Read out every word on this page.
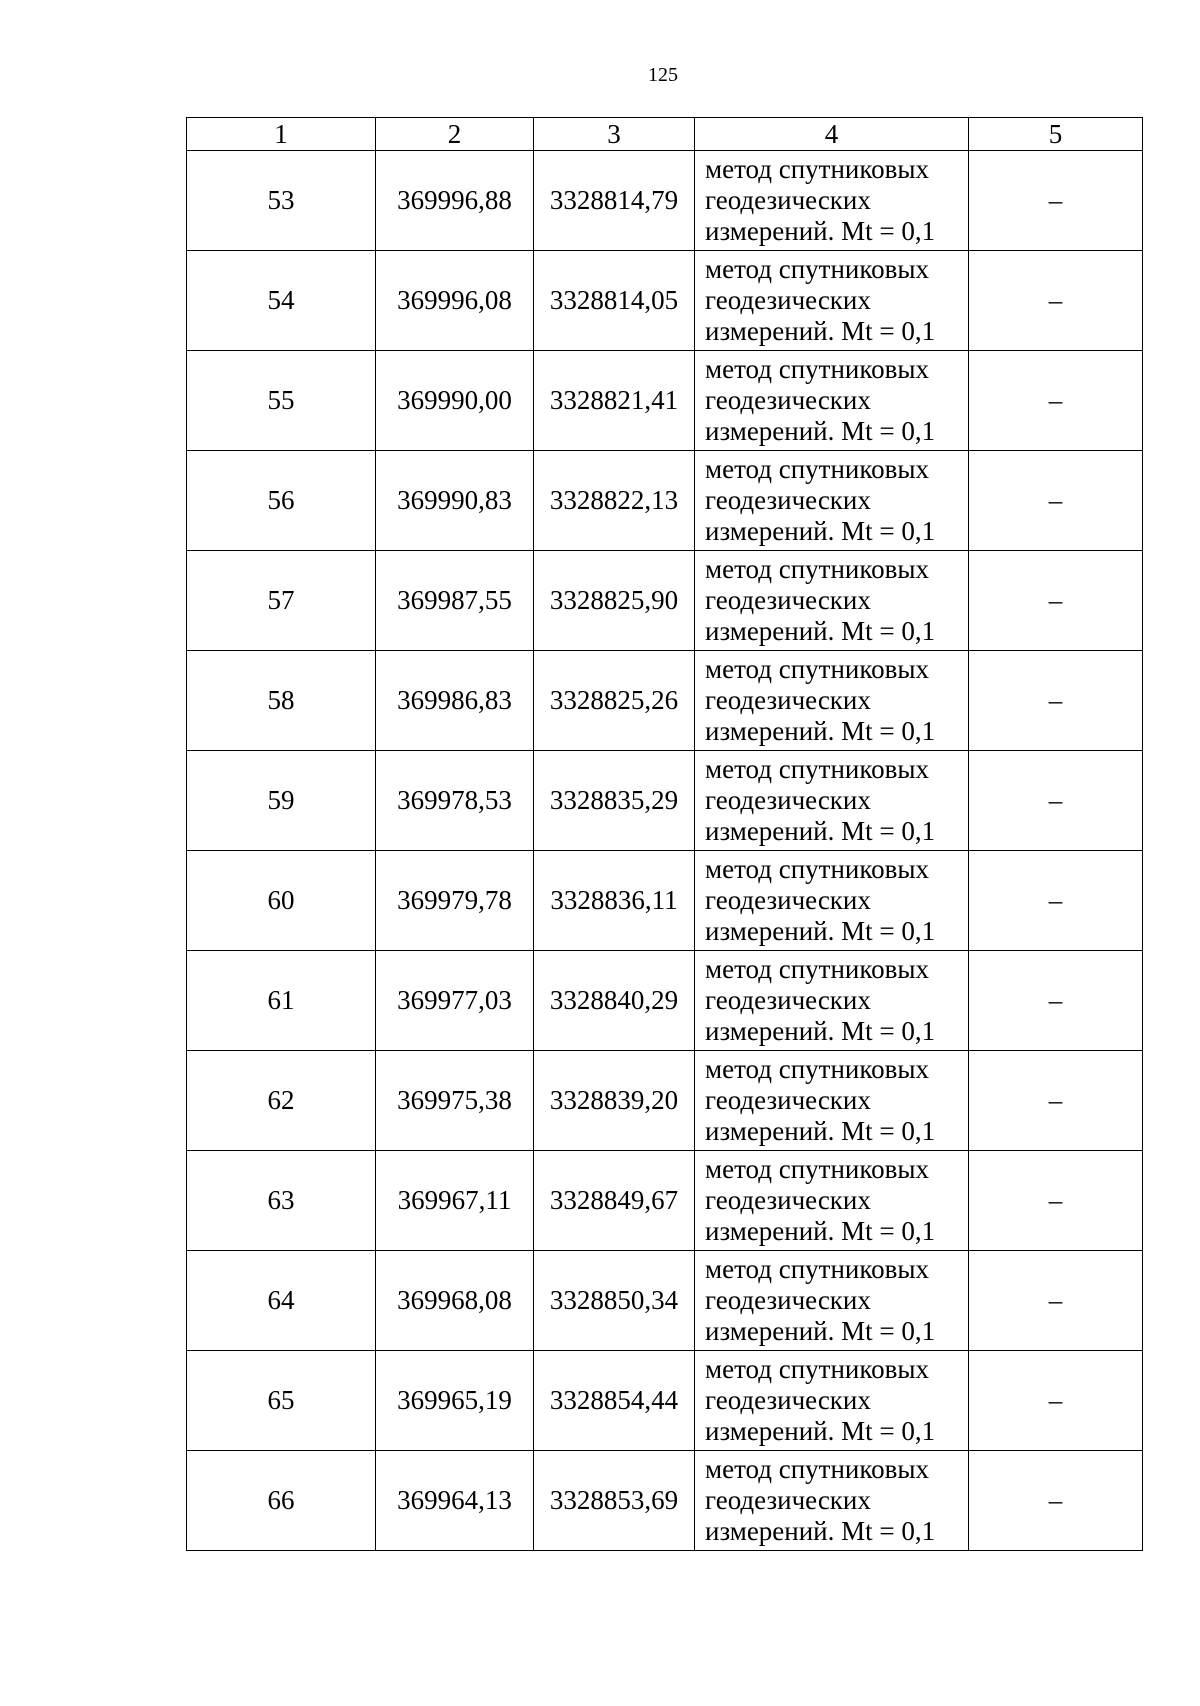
125
1	2	3	4	5
53	369996,88	3328814,79	метод спутниковых
геодезических
измерений. Mt = 0,1	–
54	369996,08	3328814,05	метод спутниковых
геодезических
измерений. Mt = 0,1	–
55	369990,00	3328821,41	метод спутниковых
геодезических
измерений. Mt = 0,1	–
56	369990,83	3328822,13	метод спутниковых
геодезических
измерений. Mt = 0,1	–
57	369987,55	3328825,90	метод спутниковых
геодезических
измерений. Mt = 0,1	–
58	369986,83	3328825,26	метод спутниковых
геодезических
измерений. Mt = 0,1	–
59	369978,53	3328835,29	метод спутниковых
геодезических
измерений. Mt = 0,1	–
60	369979,78	3328836,11	метод спутниковых
геодезических
измерений. Mt = 0,1	–
61	369977,03	3328840,29	метод спутниковых
геодезических
измерений. Mt = 0,1	–
62	369975,38	3328839,20	метод спутниковых
геодезических
измерений. Mt = 0,1	–
63	369967,11	3328849,67	метод спутниковых
геодезических
измерений. Mt = 0,1	–
64	369968,08	3328850,34	метод спутниковых
геодезических
измерений. Mt = 0,1	–
65	369965,19	3328854,44	метод спутниковых
геодезических
измерений. Mt = 0,1	–
66	369964,13	3328853,69	метод спутниковых
геодезических
измерений. Mt = 0,1	–
